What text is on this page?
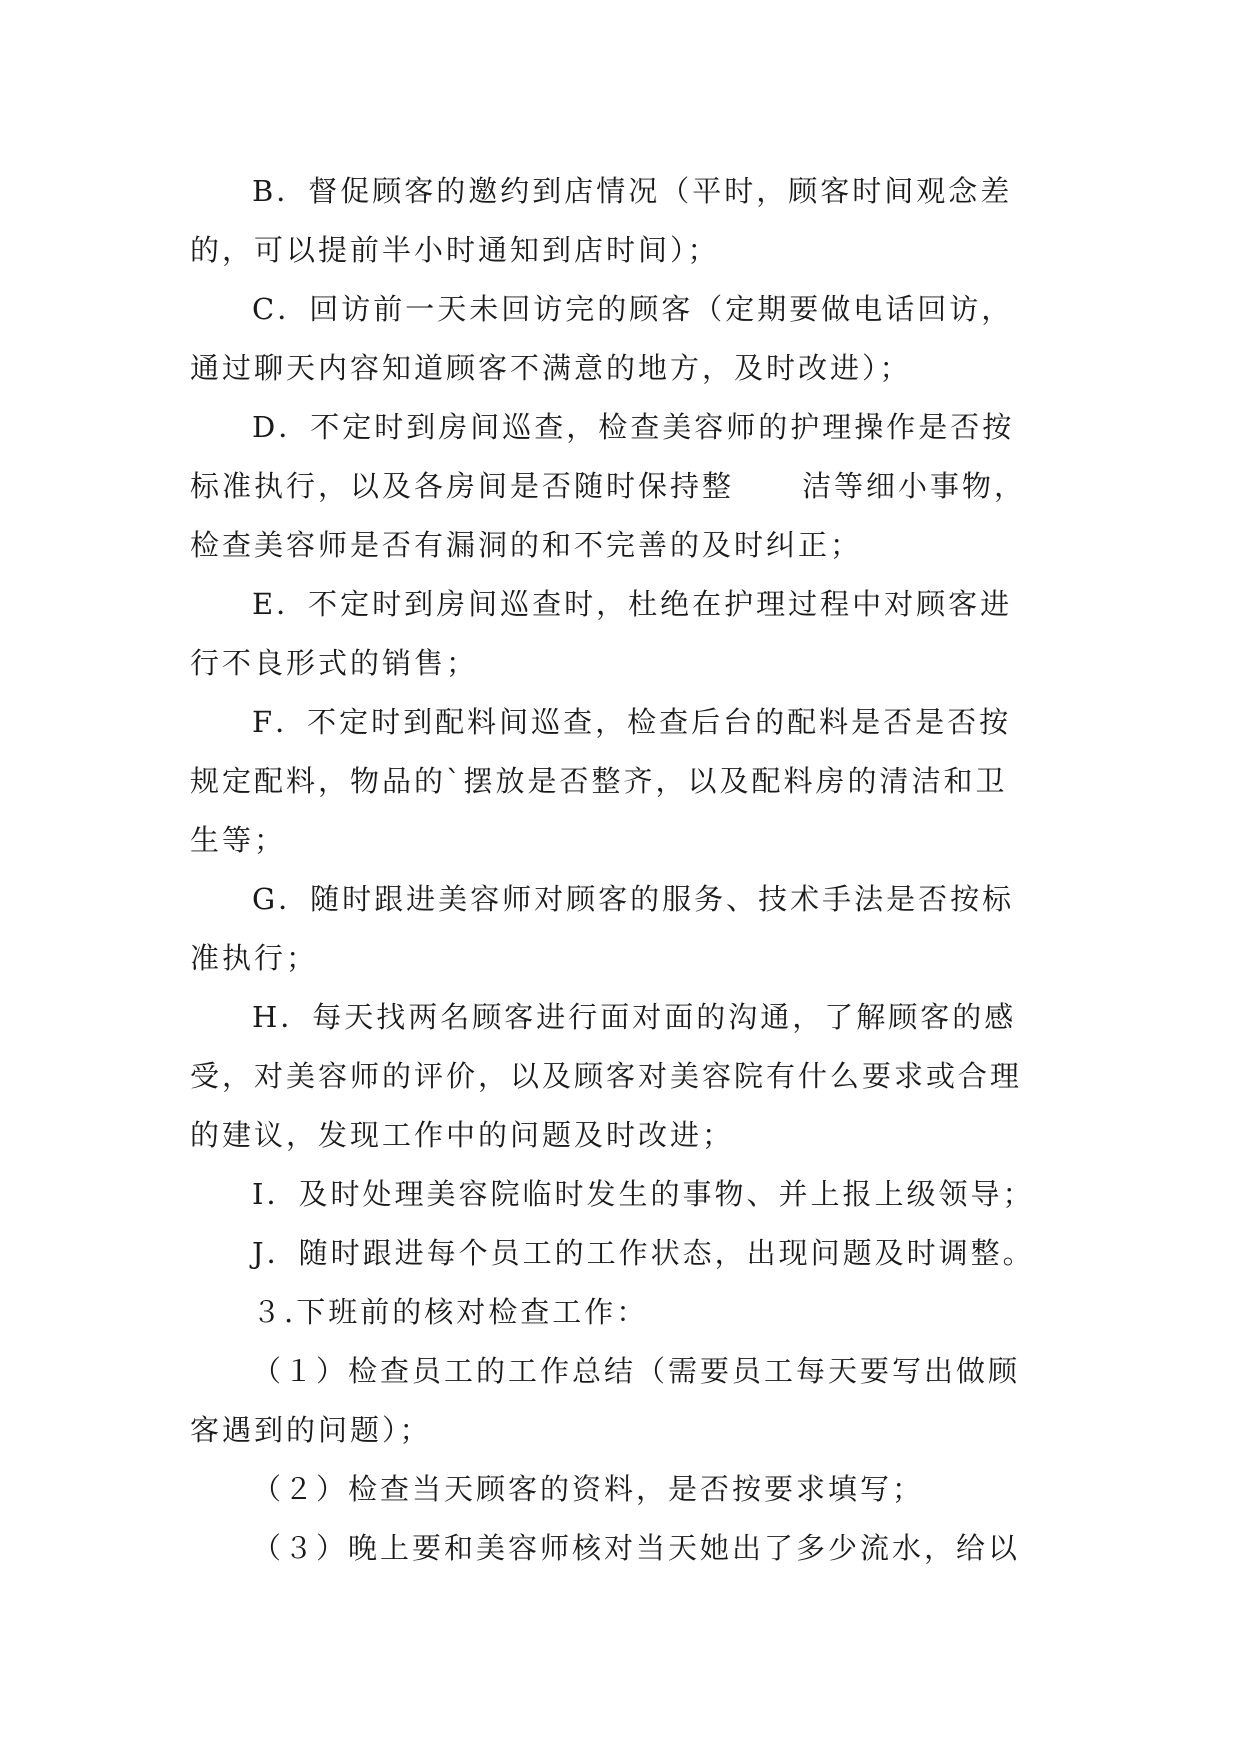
B．督促顾客的邀约到店情况（平时，顾客时间观念差
的，可以提前半小时通知到店时间）；

C．回访前一天未回访完的顾客（定期要做电话回访，
通过聊天内容知道顾客不满意的地方，及时改进）；

D．不定时到房间巡查，检查美容师的护理操作是否按
标准执行，以及各房间是否随时保持整 洁等细小事物，
检查美容师是否有漏洞的和不完善的及时纠正；

E．不定时到房间巡查时，杜绝在护理过程中对顾客进
行不良形式的销售；

F．不定时到配料间巡查，检查后台的配料是否是否按
规定配料，物品的`摆放是否整齐，以及配料房的清洁和卫
生等；

G．随时跟进美容师对顾客的服务、技术手法是否按标
准执行；

H．每天找两名顾客进行面对面的沟通，了解顾客的感
受，对美容师的评价，以及顾客对美容院有什么要求或合理
的建议，发现工作中的问题及时改进；

I．及时处理美容院临时发生的事物、并上报上级领导；

J．随时跟进每个员工的工作状态，出现问题及时调整。

３.下班前的核对检查工作：

（１）检查员工的工作总结（需要员工每天要写出做顾
客遇到的问题）；

（２）检查当天顾客的资料，是否按要求填写；

（３）晚上要和美容师核对当天她出了多少流水，给以
